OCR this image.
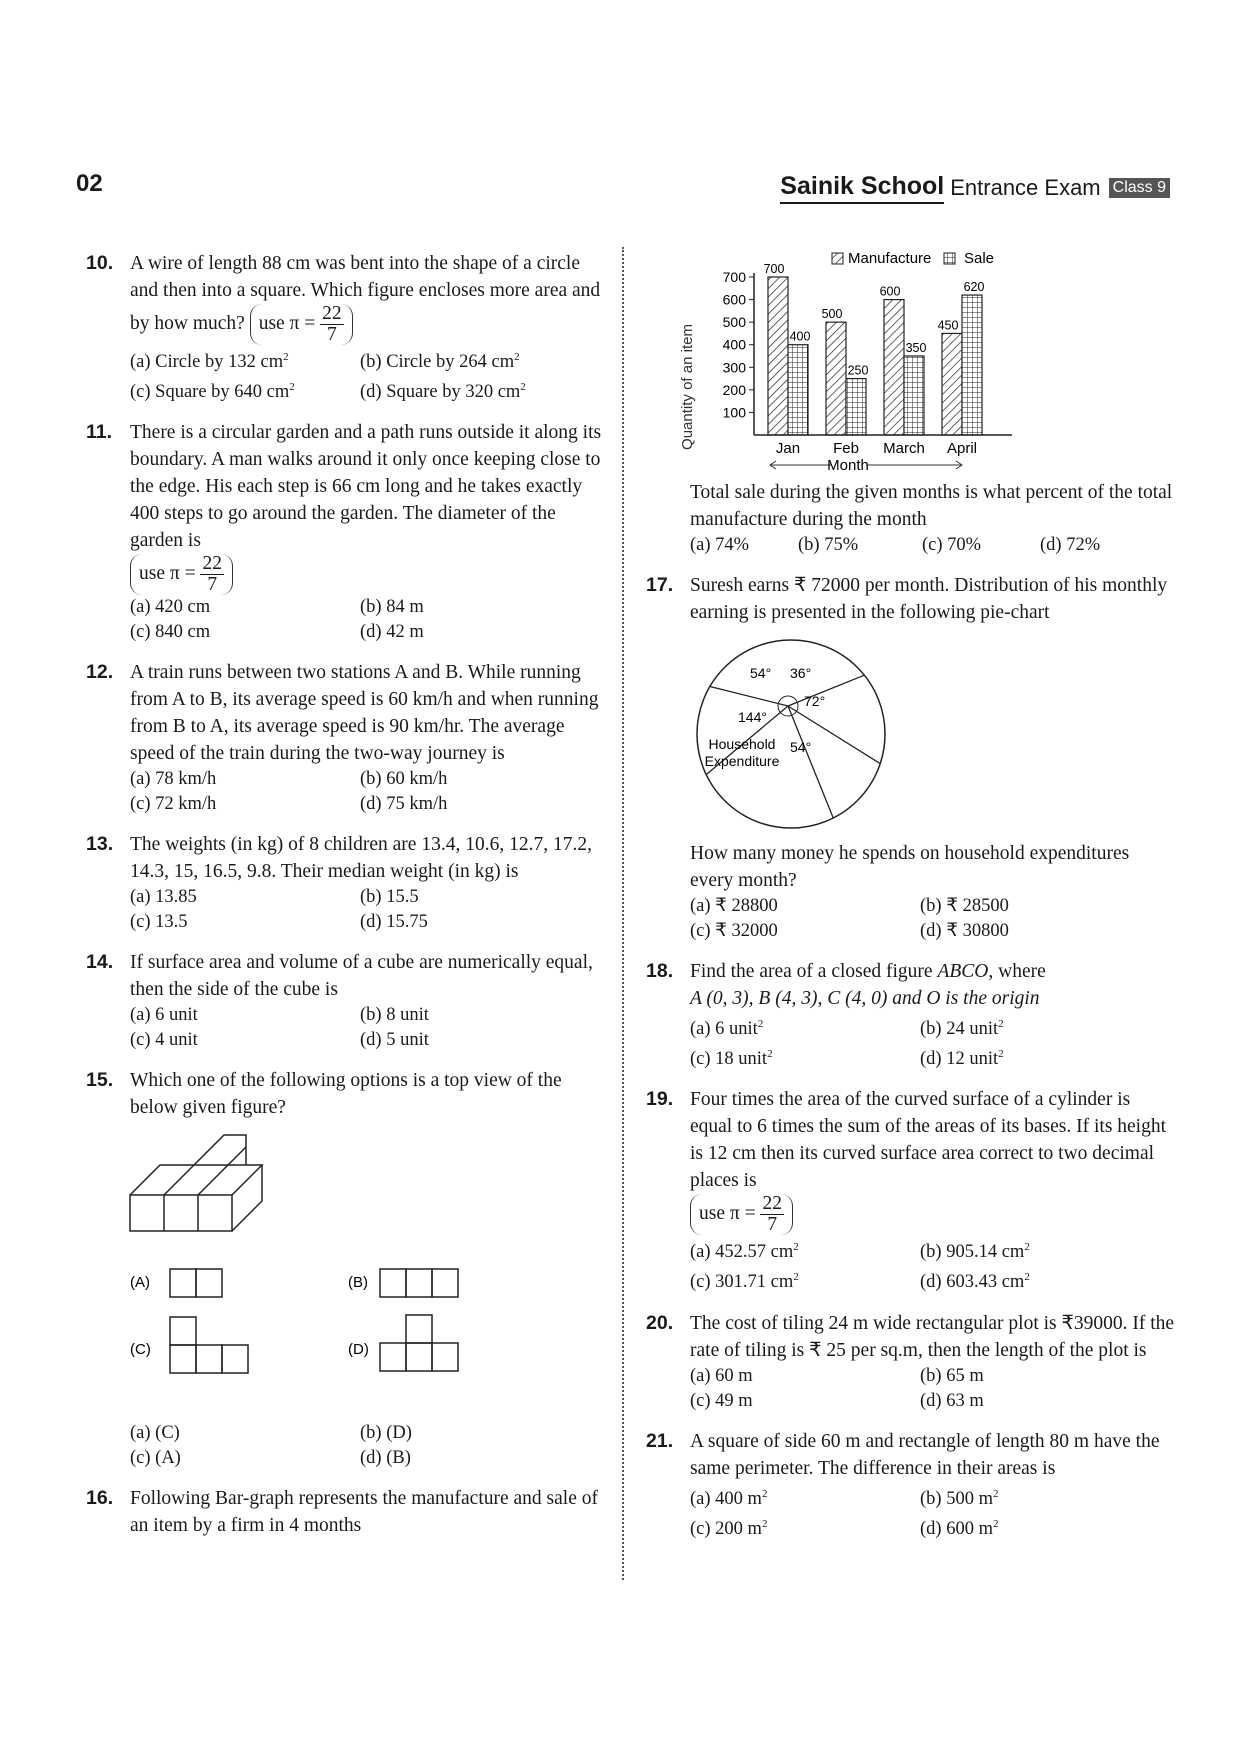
02	Sainik School Entrance Exam Class 9
10. A wire of length 88 cm was bent into the shape of a circle and then into a square. Which figure encloses more area and by how much? use $\pi = \frac{22}{7}$
(a) Circle by 132 $cm^2$	(b) Circle by 264 $cm^2$
(c) Square by 640 $cm^2$	(d) Square by 320 $cm^2$
11. There is a circular garden and a path runs outside it along its boundary. A man walks around it only once keeping close to the edge. His each step is 66 cm long and he takes exactly 400 steps to go around the garden. The diameter of the garden is
use $\pi = \frac{22}{7}$
(a) 420 cm	(b) 84 m
(c) 840 cm	(d) 42 m
12. A train runs between two stations A and B. While running from A to B, its average speed is 60 km/h and when running from B to A, its average speed is 90 km/hr. The average speed of the train during the two-way journey is
(a) 78 km/h	(b) 60 km/h
(c) 72 km/h	(d) 75 km/h
13. The weights (in kg) of 8 children are 13.4, 10.6, 12.7, 17.2, 14.3, 15, 16.5, 9.8. Their median weight (in kg) is
(a) 13.85	(b) 15.5
(c) 13.5	(d) 15.75
14. If surface area and volume of a cube are numerically equal, then the side of the cube is
(a) 6 unit	(b) 8 unit
(c) 4 unit	(d) 5 unit
15. Which one of the following options is a top view of the below given figure?
(A)	(B)
(C)	(D)
(a) (C)	(b) (D)
(c) (A)	(d) (B)
16. Following Bar-graph represents the manufacture and sale of an item by a firm in 4 months
700
400
500
250
600
350
450
620
100
200
300
400
500
600
700
Jan Feb March April
Manufacture Sale
Quantity of an item
Month
Total sale during the given months is what percent of the total manufacture during the month
(a) 74%	(b) 75%	(c) 70%	(d) 72%
17. Suresh earns ₹ 72000 per month. Distribution of his monthly earning is presented in the following pie-chart
54° 36°
72°
144°
54°
Household
Expenditure
How many money he spends on household expenditures every month?
(a) ₹ 28800	(b) ₹ 28500
(c) ₹ 32000	(d) ₹ 30800
18. Find the area of a closed figure ABCO, where
A (0, 3), B (4, 3), C (4, 0) and O is the origin
(a) 6 unit$^2$	(b) 24 unit$^2$
(c) 18 unit$^2$	(d) 12 unit$^2$
19. Four times the area of the curved surface of a cylinder is equal to 6 times the sum of the areas of its bases. If its height is 12 cm then its curved surface area correct to two decimal places is
use $\pi = \frac{22}{7}$
(a) 452.57 $cm^2$	(b) 905.14 $cm^2$
(c) 301.71 $cm^2$	(d) 603.43 $cm^2$
20. The cost of tiling 24 m wide rectangular plot is ₹39000. If the rate of tiling is ₹ 25 per sq.m, then the length of the plot is
(a) 60 m	(b) 65 m
(c) 49 m	(d) 63 m
21. A square of side 60 m and rectangle of length 80 m have the same perimeter. The difference in their areas is
(a) 400 $m^2$	(b) 500 $m^2$
(c) 200 $m^2$	(d) 600 $m^2$
